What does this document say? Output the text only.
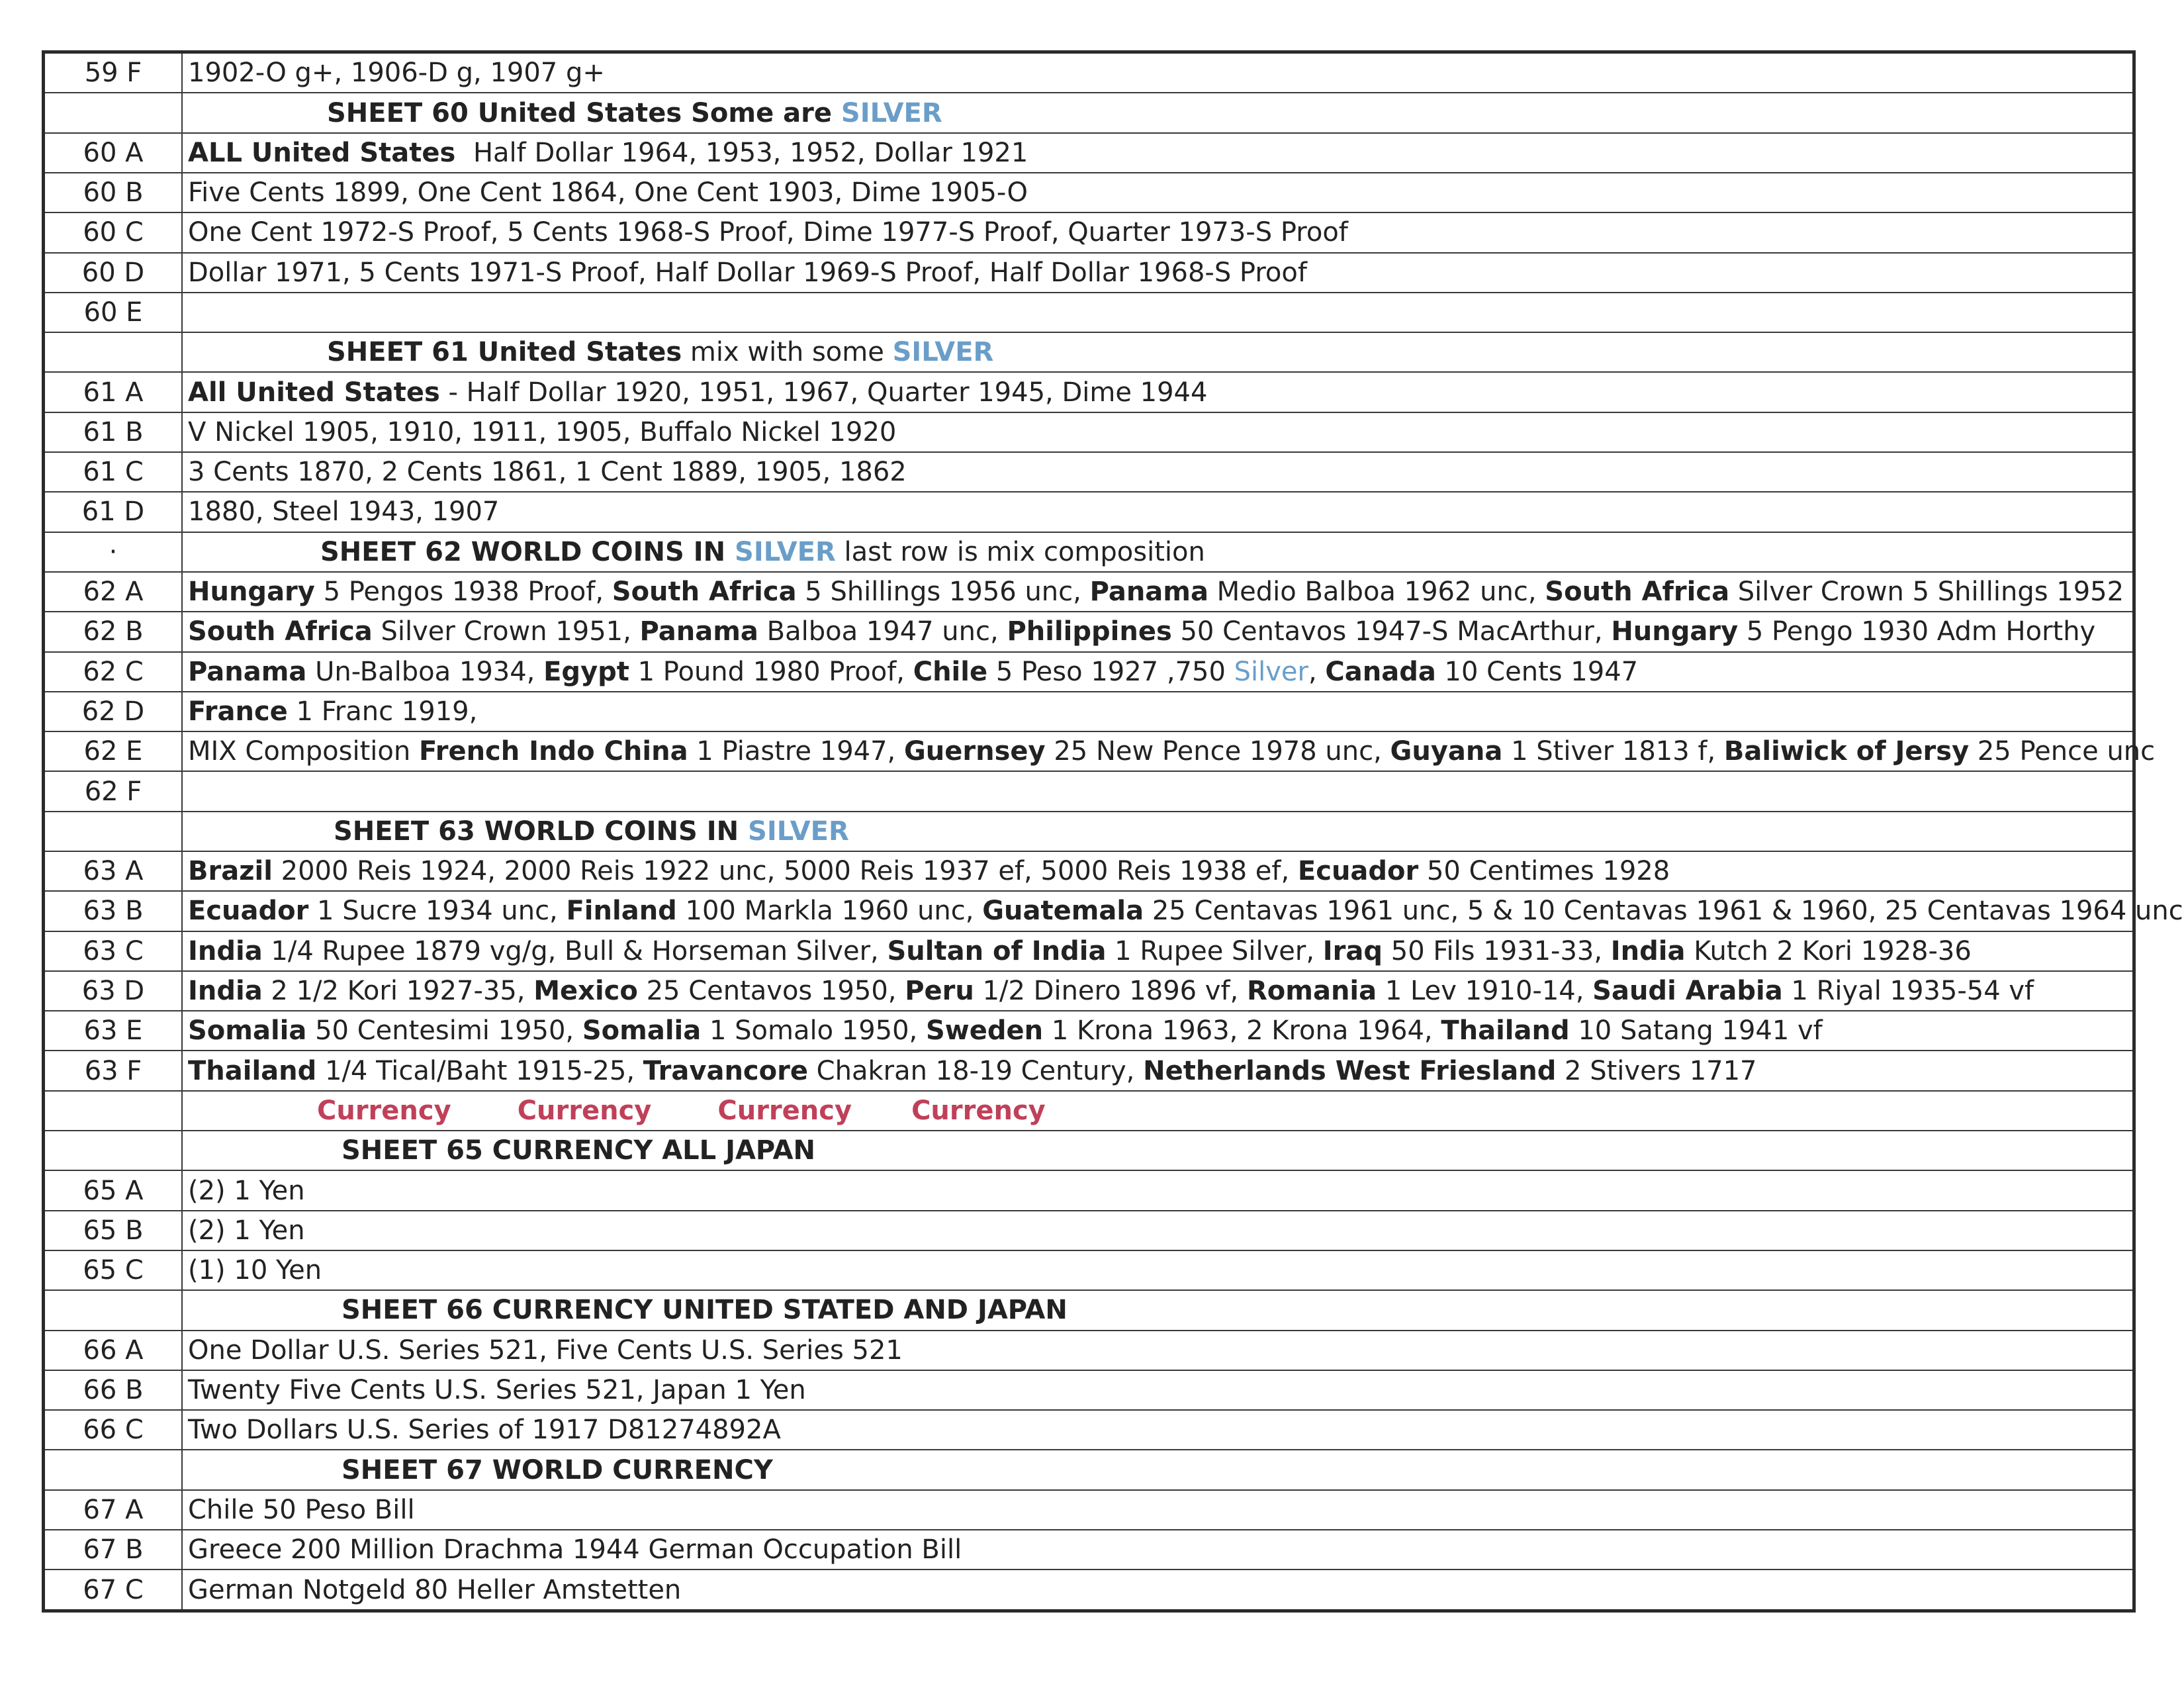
59 F	1902-O g+, 1906-D g, 1907 g+
	SHEET 60 United States Some are SILVER
60 A	ALL United States  Half Dollar 1964, 1953, 1952, Dollar 1921
60 B	Five Cents 1899, One Cent 1864, One Cent 1903, Dime 1905-O
60 C	One Cent 1972-S Proof, 5 Cents 1968-S Proof, Dime 1977-S Proof, Quarter 1973-S Proof
60 D	Dollar 1971, 5 Cents 1971-S Proof, Half Dollar 1969-S Proof, Half Dollar 1968-S Proof
60 E	
	SHEET 61 United States mix with some SILVER
61 A	All United States - Half Dollar 1920, 1951, 1967, Quarter 1945, Dime 1944
61 B	V Nickel 1905, 1910, 1911, 1905, Buffalo Nickel 1920
61 C	3 Cents 1870, 2 Cents 1861, 1 Cent 1889, 1905, 1862
61 D	1880, Steel 1943, 1907
·	SHEET 62 WORLD COINS IN SILVER last row is mix composition
62 A	Hungary 5 Pengos 1938 Proof, South Africa 5 Shillings 1956 unc, Panama Medio Balboa 1962 unc, South Africa Silver Crown 5 Shillings 1952
62 B	South Africa Silver Crown 1951, Panama Balboa 1947 unc, Philippines 50 Centavos 1947-S MacArthur, Hungary 5 Pengo 1930 Adm Horthy
62 C	Panama Un-Balboa 1934, Egypt 1 Pound 1980 Proof, Chile 5 Peso 1927 ,750 Silver, Canada 10 Cents 1947
62 D	France 1 Franc 1919,
62 E	MIX Composition French Indo China 1 Piastre 1947, Guernsey 25 New Pence 1978 unc, Guyana 1 Stiver 1813 f, Baliwick of Jersy 25 Pence unc
62 F	
	SHEET 63 WORLD COINS IN SILVER
63 A	Brazil 2000 Reis 1924, 2000 Reis 1922 unc, 5000 Reis 1937 ef, 5000 Reis 1938 ef, Ecuador 50 Centimes 1928
63 B	Ecuador 1 Sucre 1934 unc, Finland 100 Markla 1960 unc, Guatemala 25 Centavas 1961 unc, 5 & 10 Centavas 1961 & 1960, 25 Centavas 1964 unc
63 C	India 1/4 Rupee 1879 vg/g, Bull & Horseman Silver, Sultan of India 1 Rupee Silver, Iraq 50 Fils 1931-33, India Kutch 2 Kori 1928-36
63 D	India 2 1/2 Kori 1927-35, Mexico 25 Centavos 1950, Peru 1/2 Dinero 1896 vf, Romania 1 Lev 1910-14, Saudi Arabia 1 Riyal 1935-54 vf
63 E	Somalia 50 Centesimi 1950, Somalia 1 Somalo 1950, Sweden 1 Krona 1963, 2 Krona 1964, Thailand 10 Satang 1941 vf
63 F	Thailand 1/4 Tical/Baht 1915-25, Travancore Chakran 18-19 Century, Netherlands West Friesland 2 Stivers 1717
	Currency Currency Currency Currency
	SHEET 65 CURRENCY ALL JAPAN
65 A	(2) 1 Yen
65 B	(2) 1 Yen
65 C	(1) 10 Yen
	SHEET 66 CURRENCY UNITED STATED AND JAPAN
66 A	One Dollar U.S. Series 521, Five Cents U.S. Series 521
66 B	Twenty Five Cents U.S. Series 521, Japan 1 Yen
66 C	Two Dollars U.S. Series of 1917 D81274892A
	SHEET 67 WORLD CURRENCY
67 A	Chile 50 Peso Bill
67 B	Greece 200 Million Drachma 1944 German Occupation Bill
67 C	German Notgeld 80 Heller Amstetten
